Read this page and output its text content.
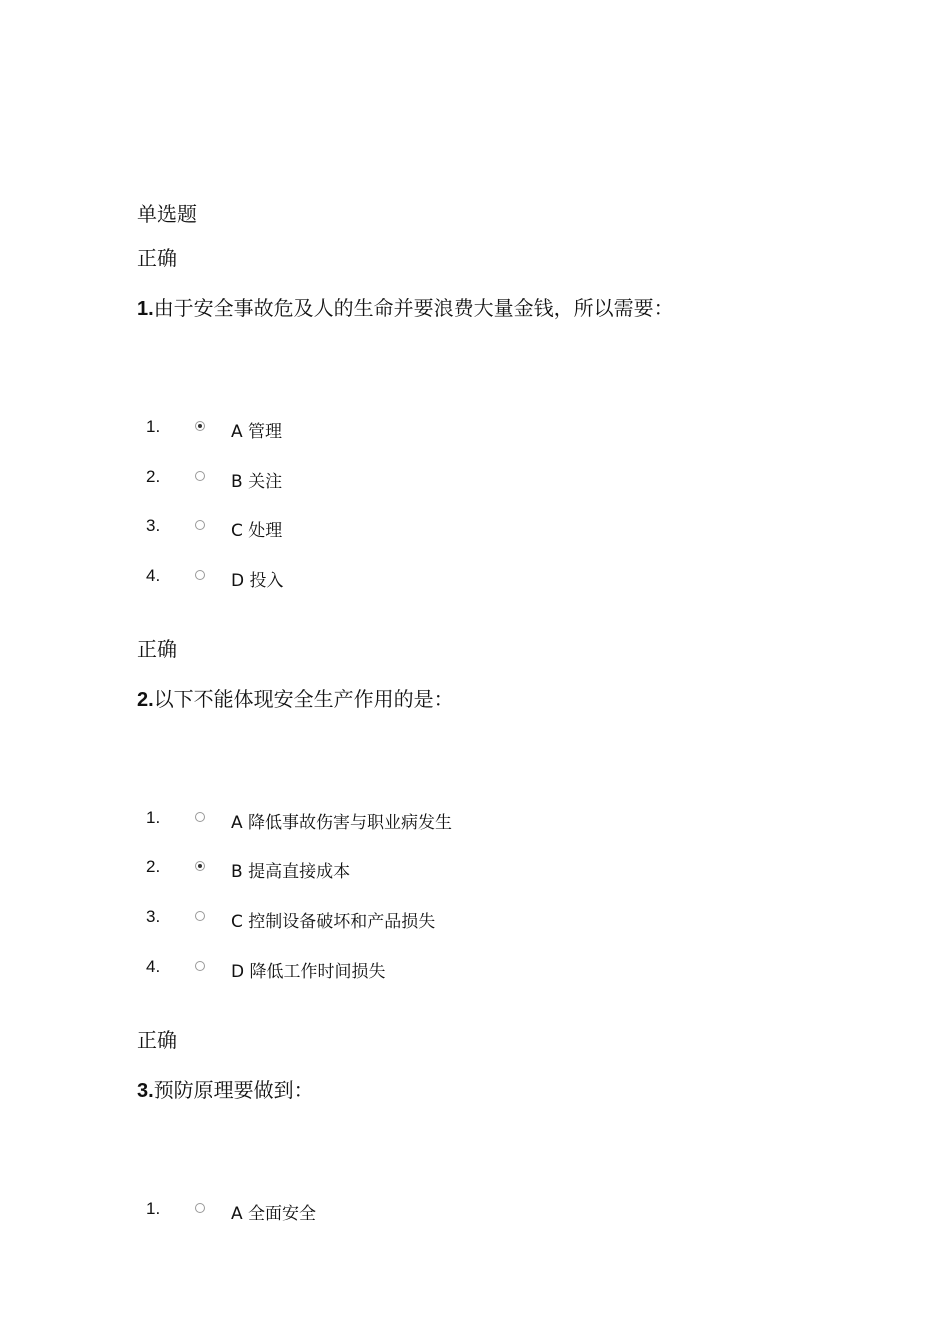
单选题
正确
1.由于安全事故危及人的生命并要浪费大量金钱，所以需要：
1.	A 管理
2.	B 关注
3.	C 处理
4.	D 投入
正确
2.以下不能体现安全生产作用的是：
1.	A 降低事故伤害与职业病发生
2.	B 提高直接成本
3.	C 控制设备破坏和产品损失
4.	D 降低工作时间损失
正确
3.预防原理要做到：
1.	A 全面安全
